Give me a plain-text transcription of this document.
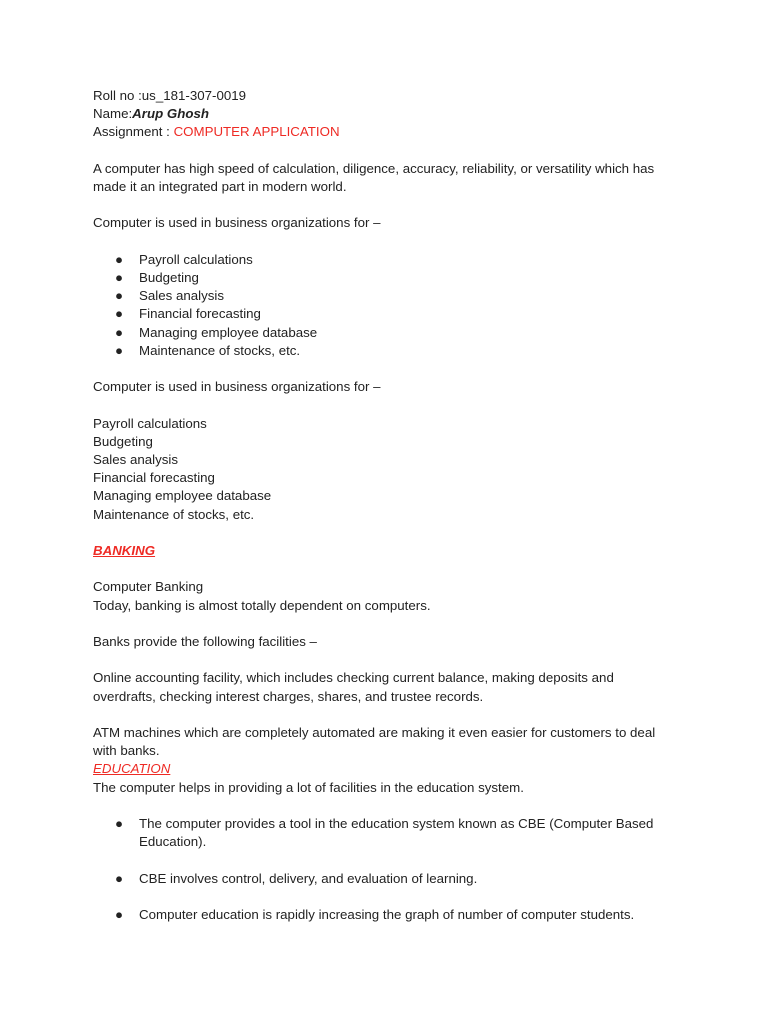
Roll no :us_181-307-0019

Name:Arup Ghosh

Assignment : COMPUTER APPLICATION

A computer has high speed of calculation, diligence, accuracy, reliability, or versatility which has made it an integrated part in modern world.

Computer is used in business organizations for –

● Payroll calculations
● Budgeting
● Sales analysis
● Financial forecasting
● Managing employee database
● Maintenance of stocks, etc.

Computer is used in business organizations for –

Payroll calculations

Budgeting

Sales analysis

Financial forecasting

Managing employee database

Maintenance of stocks, etc.

BANKING

Computer Banking

Today, banking is almost totally dependent on computers.

Banks provide the following facilities –

Online accounting facility, which includes checking current balance, making deposits and overdrafts, checking interest charges, shares, and trustee records.

ATM machines which are completely automated are making it even easier for customers to deal with banks.

EDUCATION

The computer helps in providing a lot of facilities in the education system.

● The computer provides a tool in the education system known as CBE (Computer Based Education).
● CBE involves control, delivery, and evaluation of learning.
● Computer education is rapidly increasing the graph of number of computer students.
